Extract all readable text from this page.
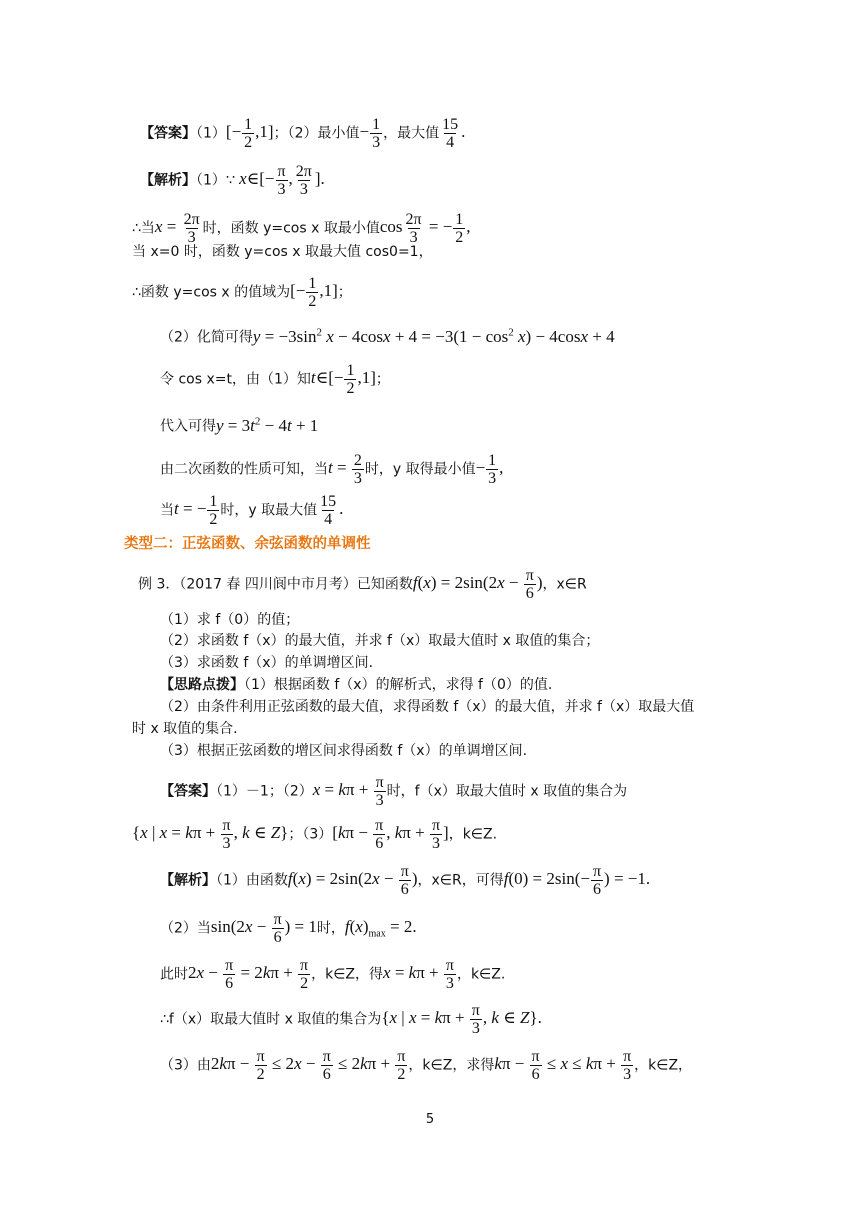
【答案】$(1)[- \frac{1}{2} ,1]$；（2）最小值− $\frac{1}{3}$ ，最大值 $\frac{15}{4}$ .
【解析】（1）∵ x∈[− $\frac{\pi}{3}$ , $\frac{2\pi}{3}$ ].
∴当$x = \frac{2\pi}{3}$ 时，函数 y=cos x 取最小值$\cos \frac{2\pi}{3}$ = − $\frac{1}{2}$ ,
当 x=0 时，函数 y=cos x 取最大值 cos0=1，
∴函数 y=cos x 的值域为[− $\frac{1}{2} ,1$]；
（2）化简可得$y = -3\sin^2$ $x - 4\cos x + 4 = -3(1 - \cos^2 x) - 4\cos x + 4$
令 cos x=t，由（1）知t∈[− $\frac{1}{2} ,1$]；
代入可得$y = 3t^2 - 4t + 1$
由二次函数的性质可知，当$t = \frac{2}{3}$ 时，y 取得最小值− $\frac{1}{3}$ ,
当t = − $\frac{1}{2}$ 时，y 取最大值 $\frac{15}{4}$ .
类型二：正弦函数、余弦函数的单调性
例 3．（2017 春 四川阆中市月考）已知函数$f(x) = 2\sin(2x - \frac{\pi}{6}$ )，x∈R
（1）求 f（0）的值；
（2）求函数 f（x）的最大值，并求 f（x）取最大值时 x 取值的集合；
（3）求函数 f（x）的单调增区间.
【思路点拨】（1）根据函数 f（x）的解析式，求得 f（0）的值.
（2）由条件利用正弦函数的最大值，求得函数 f（x）的最大值，并求 f（x）取最大值
时 x 取值的集合.
（3）根据正弦函数的增区间求得函数 f（x）的单调增区间.
【答案】（1）－1；$(2)x = k\pi + \frac{\pi}{3}$ 时，f（x）取最大值时 x 取值的集合为
{x | $x = k\pi + \frac{\pi}{3}$ , k ∈ Z}；$(3)[k\pi - \frac{\pi}{6}$ , $k\pi + \frac{\pi}{3}$ ]，k∈Z.
【解析】（1）由函数$f(x) = 2\sin(2x - \frac{\pi}{6}$ )，x∈R，可得$f(0) = 2\sin(- \frac{\pi}{6}$ ) = −1.
（2）当$\sin(2x - \frac{\pi}{6}$ ) = 1时，$f(x)_{max} = 2$.
此时$2x - \frac{\pi}{6} = 2k\pi + \frac{\pi}{2}$ ，k∈Z，得$x = k\pi + \frac{\pi}{3}$ ，k∈Z.
∴f（x）取最大值时 x 取值的集合为{x | $x = k\pi + \frac{\pi}{3}$ , k ∈ Z}.
（3）由$2k\pi - \frac{\pi}{2} \le 2x - \frac{\pi}{6} \le 2k\pi + \frac{\pi}{2}$ ，k∈Z，求得$k\pi - \frac{\pi}{6} \le x \le k\pi + \frac{\pi}{3}$ ，k∈Z，
5
